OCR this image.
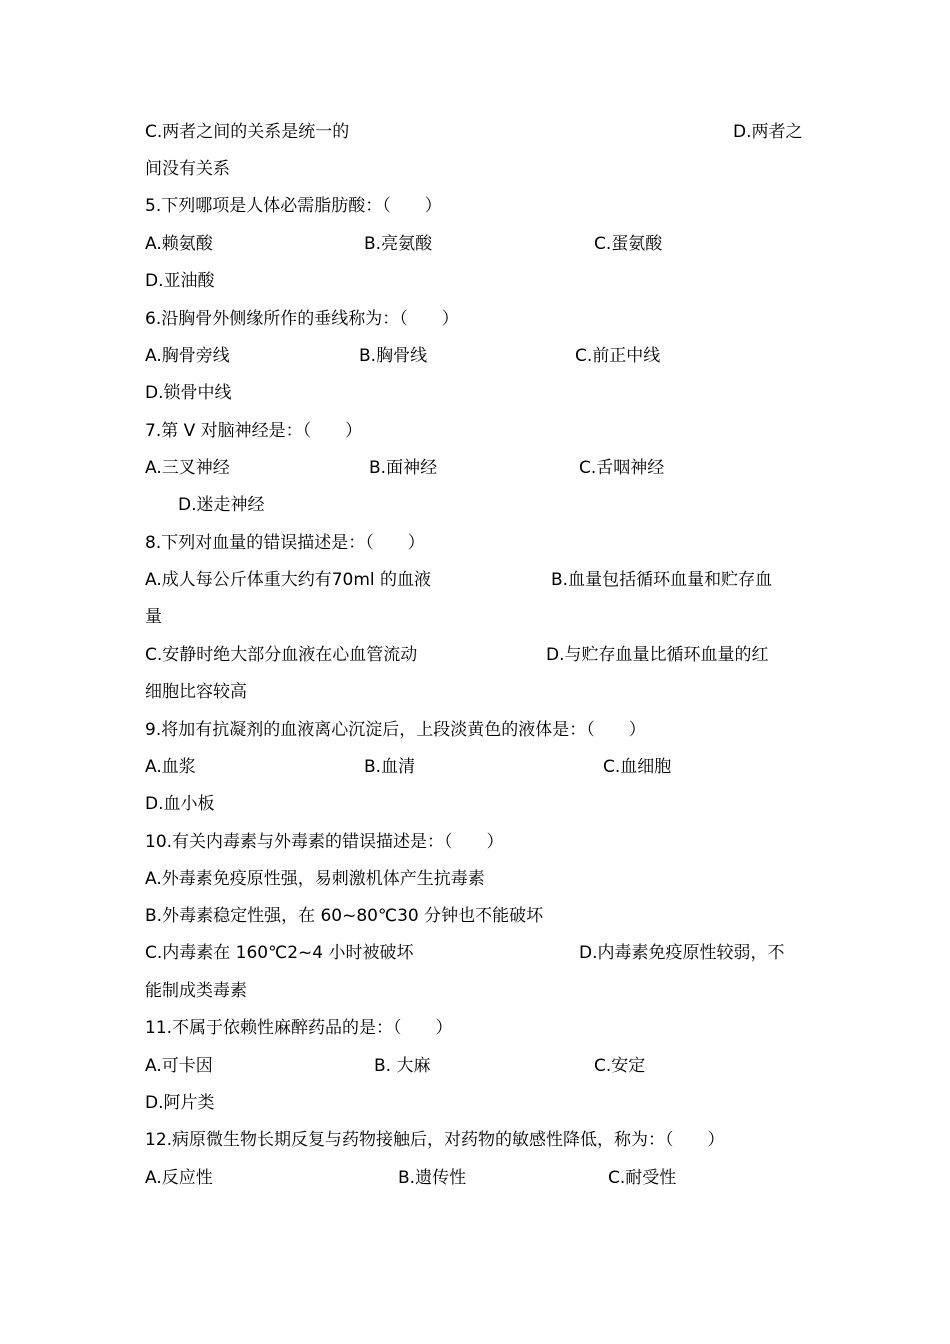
C.两者之间的关系是统一的	D.两者之
间没有关系
5.下列哪项是人体必需脂肪酸：（　　）
A.赖氨酸	B.亮氨酸	C.蛋氨酸
D.亚油酸
6.沿胸骨外侧缘所作的垂线称为：（　　）
A.胸骨旁线	B.胸骨线	C.前正中线
D.锁骨中线
7.第 V 对脑神经是：（　　）
A.三叉神经	B.面神经	C.舌咽神经
D.迷走神经
8.下列对血量的错误描述是：（　　）
A.成人每公斤体重大约有70ml 的血液	B.血量包括循环血量和贮存血
量
C.安静时绝大部分血液在心血管流动	D.与贮存血量比循环血量的红
细胞比容较高
9.将加有抗凝剂的血液离心沉淀后，上段淡黄色的液体是：（　　）
A.血浆	B.血清	C.血细胞
D.血小板
10.有关内毒素与外毒素的错误描述是：（　　）
A.外毒素免疫原性强，易刺激机体产生抗毒素
B.外毒素稳定性强，在 60~80℃30 分钟也不能破坏
C.内毒素在 160℃2~4 小时被破坏	D.内毒素免疫原性较弱，不
能制成类毒素
11.不属于依赖性麻醉药品的是：（　　）
A.可卡因	B. 大麻	C.安定
D.阿片类
12.病原微生物长期反复与药物接触后，对药物的敏感性降低，称为：（　　）
A.反应性	B.遗传性	C.耐受性
